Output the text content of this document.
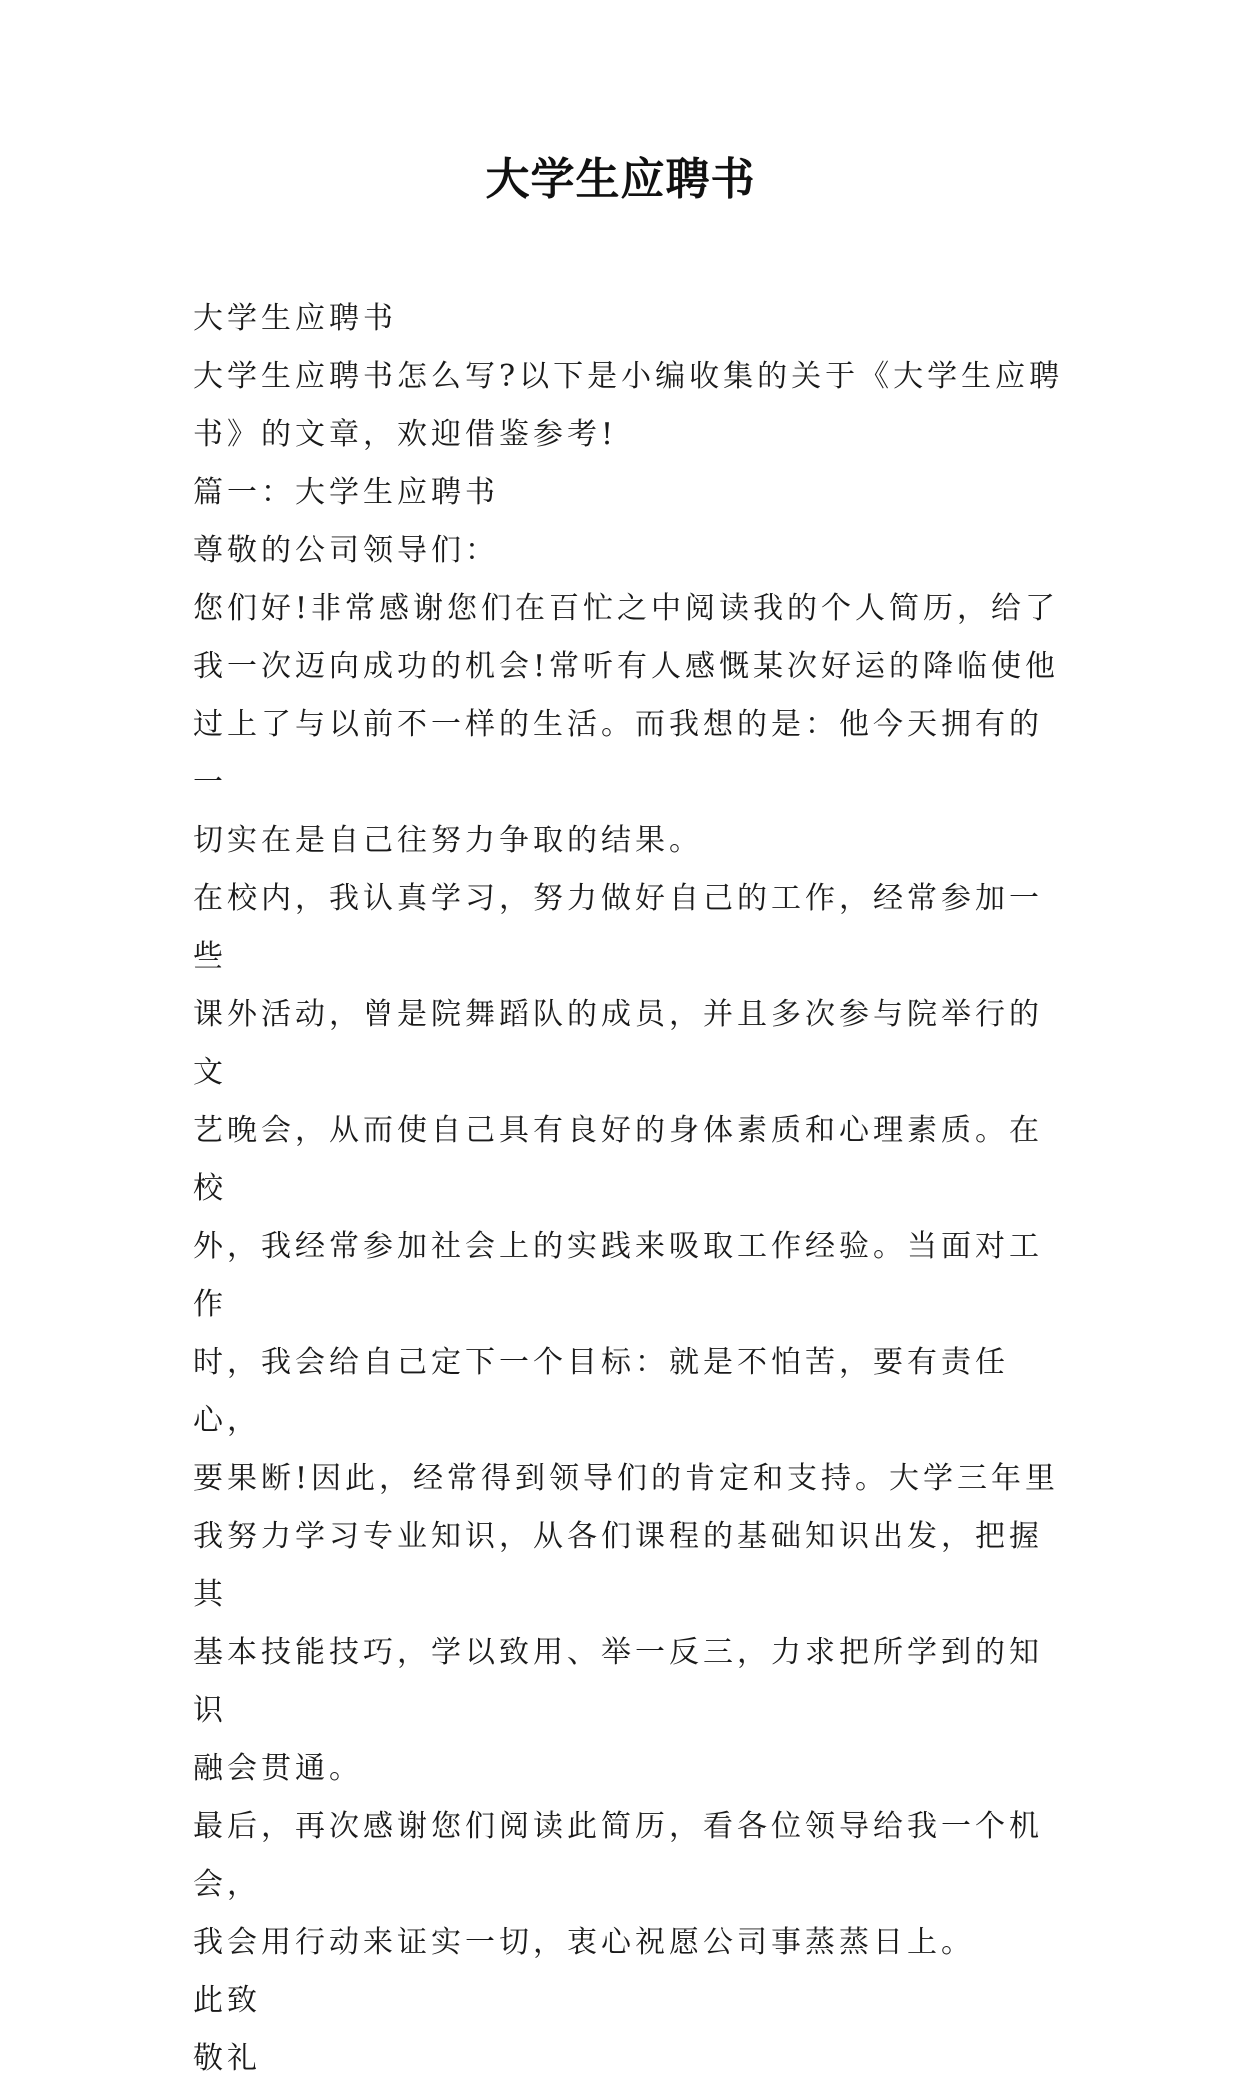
大学生应聘书

大学生应聘书

大学生应聘书怎么写?以下是小编收集的关于《大学生应聘
书》的文章，欢迎借鉴参考!

篇一：大学生应聘书

尊敬的公司领导们：

您们好!非常感谢您们在百忙之中阅读我的个人简历，给了
我一次迈向成功的机会!常听有人感慨某次好运的降临使他
过上了与以前不一样的生活。而我想的是：他今天拥有的一
切实在是自己往努力争取的结果。

在校内，我认真学习，努力做好自己的工作，经常参加一些
课外活动，曾是院舞蹈队的成员，并且多次参与院举行的文
艺晚会，从而使自己具有良好的身体素质和心理素质。在校
外，我经常参加社会上的实践来吸取工作经验。当面对工作
时，我会给自己定下一个目标：就是不怕苦，要有责任心，
要果断!因此，经常得到领导们的肯定和支持。大学三年里
我努力学习专业知识，从各们课程的基础知识出发，把握其
基本技能技巧，学以致用、举一反三，力求把所学到的知识
融会贯通。

最后，再次感谢您们阅读此简历，看各位领导给我一个机会，
我会用行动来证实一切，衷心祝愿公司事蒸蒸日上。

此致

敬礼
